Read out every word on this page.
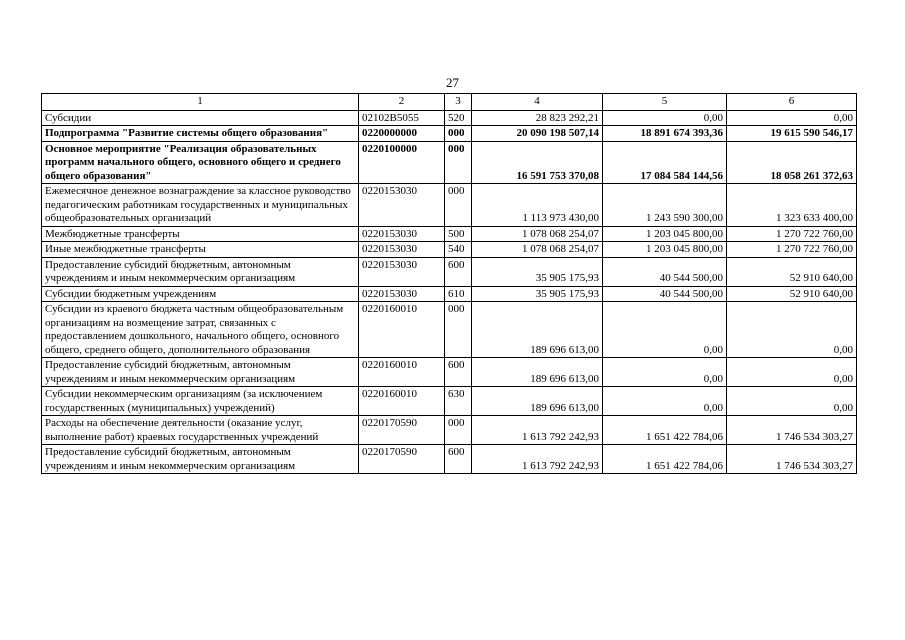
27
1	2	3	4	5	6
Субсидии	02102B5055	520	28 823 292,21	0,00	0,00
Подпрограмма "Развитие системы общего образования"	0220000000	000	20 090 198 507,14	18 891 674 393,36	19 615 590 546,17
Основное мероприятие "Реализация образовательных программ начального общего, основного общего и среднего общего образования"	0220100000	000	16 591 753 370,08	17 084 584 144,56	18 058 261 372,63
Ежемесячное денежное вознаграждение за классное руководство педагогическим работникам государственных и муниципальных общеобразовательных организаций	0220153030	000	1 113 973 430,00	1 243 590 300,00	1 323 633 400,00
Межбюджетные трансферты	0220153030	500	1 078 068 254,07	1 203 045 800,00	1 270 722 760,00
Иные межбюджетные трансферты	0220153030	540	1 078 068 254,07	1 203 045 800,00	1 270 722 760,00
Предоставление субсидий бюджетным, автономным учреждениям и иным некоммерческим организациям	0220153030	600	35 905 175,93	40 544 500,00	52 910 640,00
Субсидии бюджетным учреждениям	0220153030	610	35 905 175,93	40 544 500,00	52 910 640,00
Субсидии из краевого бюджета частным общеобразовательным организациям на возмещение затрат, связанных с предоставлением дошкольного, начального общего, основного общего, среднего общего, дополнительного образования	0220160010	000	189 696 613,00	0,00	0,00
Предоставление субсидий бюджетным, автономным учреждениям и иным некоммерческим организациям	0220160010	600	189 696 613,00	0,00	0,00
Субсидии некоммерческим организациям (за исключением государственных (муниципальных) учреждений)	0220160010	630	189 696 613,00	0,00	0,00
Расходы на обеспечение деятельности (оказание услуг, выполнение работ) краевых государственных учреждений	0220170590	000	1 613 792 242,93	1 651 422 784,06	1 746 534 303,27
Предоставление субсидий бюджетным, автономным учреждениям и иным некоммерческим организациям	0220170590	600	1 613 792 242,93	1 651 422 784,06	1 746 534 303,27
